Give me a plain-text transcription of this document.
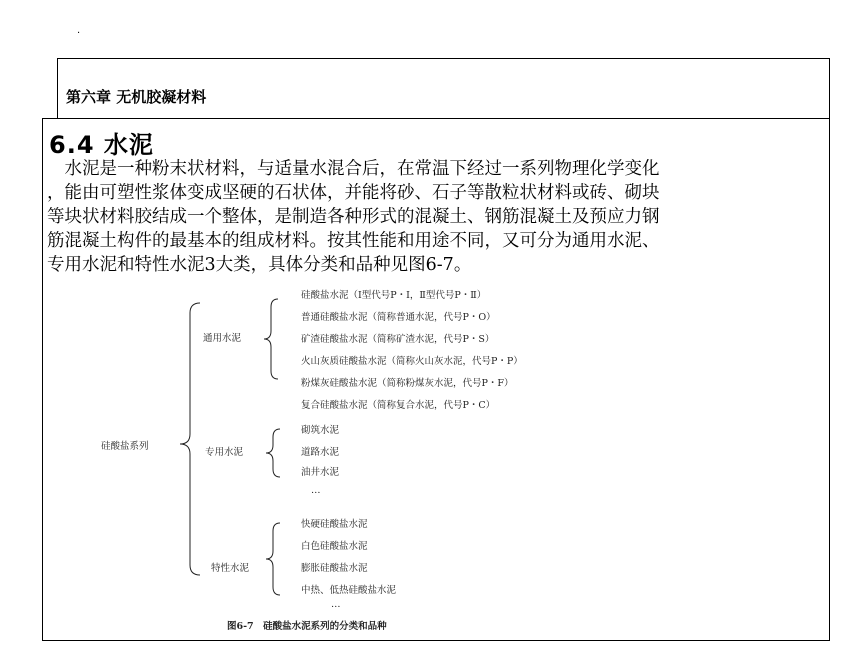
.
第六章 无机胶凝材料
6.4 水泥
　水泥是一种粉末状材料，与适量水混合后，在常温下经过一系列物理化学变化
，能由可塑性浆体变成坚硬的石状体，并能将砂、石子等散粒状材料或砖、砌块
等块状材料胶结成一个整体，是制造各种形式的混凝土、钢筋混凝土及预应力钢
筋混凝土构件的最基本的组成材料。按其性能和用途不同，又可分为通用水泥、
专用水泥和特性水泥3大类，具体分类和品种见图6-7。
硅酸盐系列
通用水泥
硅酸盐水泥（Ⅰ型代号P・Ⅰ，Ⅱ型代号P・Ⅱ）
普通硅酸盐水泥（简称普通水泥，代号P・O）
矿渣硅酸盐水泥（简称矿渣水泥，代号P・S）
火山灰质硅酸盐水泥（简称火山灰水泥，代号P・P）
粉煤灰硅酸盐水泥（简称粉煤灰水泥，代号P・F）
复合硅酸盐水泥（简称复合水泥，代号P・C）
专用水泥
砌筑水泥
道路水泥
油井水泥
…
特性水泥
快硬硅酸盐水泥
白色硅酸盐水泥
膨胀硅酸盐水泥
中热、低热硅酸盐水泥
…
图6-7　硅酸盐水泥系列的分类和品种
